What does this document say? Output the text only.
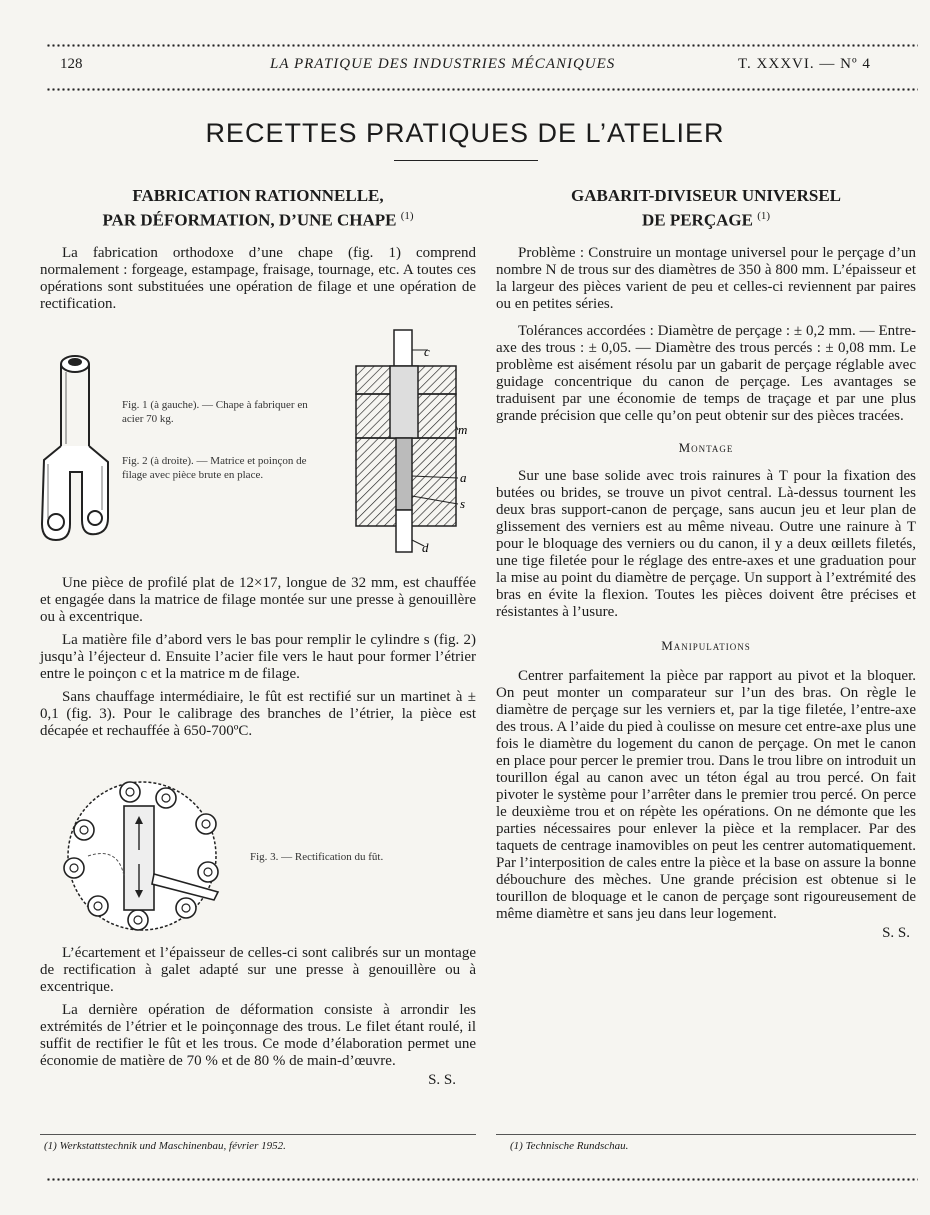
128	LA PRATIQUE DES INDUSTRIES MÉCANIQUES	T. XXXVI. — Nº 4
RECETTES PRATIQUES DE L’ATELIER

FABRICATION RATIONNELLE,
PAR DÉFORMATION, D’UNE CHAPE $^{(1)}$

La fabrication orthodoxe d’une chape (fig. 1) comprend normalement : forgeage, estampage, fraisage, tournage, etc. A toutes ces opérations sont substituées une opération de filage et une opération de rectification.

Fig. 1 (à gauche). — Chape à fabriquer en acier 70 kg.
Fig. 2 (à droite). — Matrice et poinçon de filage avec pièce brute en place.
c
m
a
s
d

Une pièce de profilé plat de 12×17, longue de 32 mm, est chauffée et engagée dans la matrice de filage montée sur une presse à genouillère ou à excentrique.

La matière file d’abord vers le bas pour remplir le cylindre s (fig. 2) jusqu’à l’éjecteur d. Ensuite l’acier file vers le haut pour former l’étrier entre le poinçon c et la matrice m de filage.

Sans chauffage intermédiaire, le fût est rectifié sur un martinet à ± 0,1 (fig. 3). Pour le calibrage des branches de l’étrier, la pièce est décapée et rechauffée à 650-700ºC.

Fig. 3. — Rectification du fût.

L’écartement et l’épaisseur de celles-ci sont calibrés sur un montage de rectification à galet adapté sur une presse à genouillère ou à excentrique.

La dernière opération de déformation consiste à arrondir les extrémités de l’étrier et le poinçonnage des trous. Le filet étant roulé, il suffit de rectifier le fût et les trous. Ce mode d’élaboration permet une économie de matière de 70 % et de 80 % de main-d’œuvre.

S. S.

GABARIT-DIVISEUR UNIVERSEL
DE PERÇAGE $^{(1)}$

Problème : Construire un montage universel pour le perçage d’un nombre N de trous sur des diamètres de 350 à 800 mm. L’épaisseur et la largeur des pièces varient de peu et celles-ci reviennent par paires ou en petites séries.

Tolérances accordées : Diamètre de perçage : ± 0,2 mm. — Entre-axe des trous : ± 0,05. — Diamètre des trous percés : ± 0,08 mm. Le problème est aisément résolu par un gabarit de perçage réglable avec guidage concentrique du canon de perçage. Les avantages se traduisent par une économie de temps de traçage et par une plus grande précision que celle qu’on peut obtenir sur des pièces tracées.

Montage

Sur une base solide avec trois rainures à T pour la fixation des butées ou brides, se trouve un pivot central. Là-dessus tournent les deux bras support-canon de perçage, sans aucun jeu et leur plan de glissement des verniers est au même niveau. Outre une rainure à T pour le bloquage des verniers ou du canon, il y a deux œillets filetés, une tige filetée pour le réglage des entre-axes et une graduation pour la mise au point du diamètre de perçage. Un support à l’extrémité des bras en évite la flexion. Toutes les pièces doivent être précises et résistantes à l’usure.

Manipulations

Centrer parfaitement la pièce par rapport au pivot et la bloquer. On peut monter un comparateur sur l’un des bras. On règle le diamètre de perçage sur les verniers et, par la tige filetée, l’entre-axe des trous. A l’aide du pied à coulisse on mesure cet entre-axe plus une fois le diamètre du logement du canon de perçage. On met le canon en place pour percer le premier trou. Dans le trou libre on introduit un tourillon égal au canon avec un téton égal au trou percé. On fait pivoter le système pour l’arrêter dans le premier trou percé. On perce le deuxième trou et on répète les opérations. On ne démonte que les parties nécessaires pour enlever la pièce et la remplacer. Par des taquets de centrage inamovibles on peut les centrer automatiquement. Par l’interposition de cales entre la pièce et la base on assure la bonne débouchure des mèches. Une grande précision est obtenue si le tourillon de bloquage et le canon de perçage sont rigoureusement de même diamètre et sans jeu dans leur logement.

S. S.

(1) Werkstattstechnik und Maschinenbau, février 1952.	(1) Technische Rundschau.
